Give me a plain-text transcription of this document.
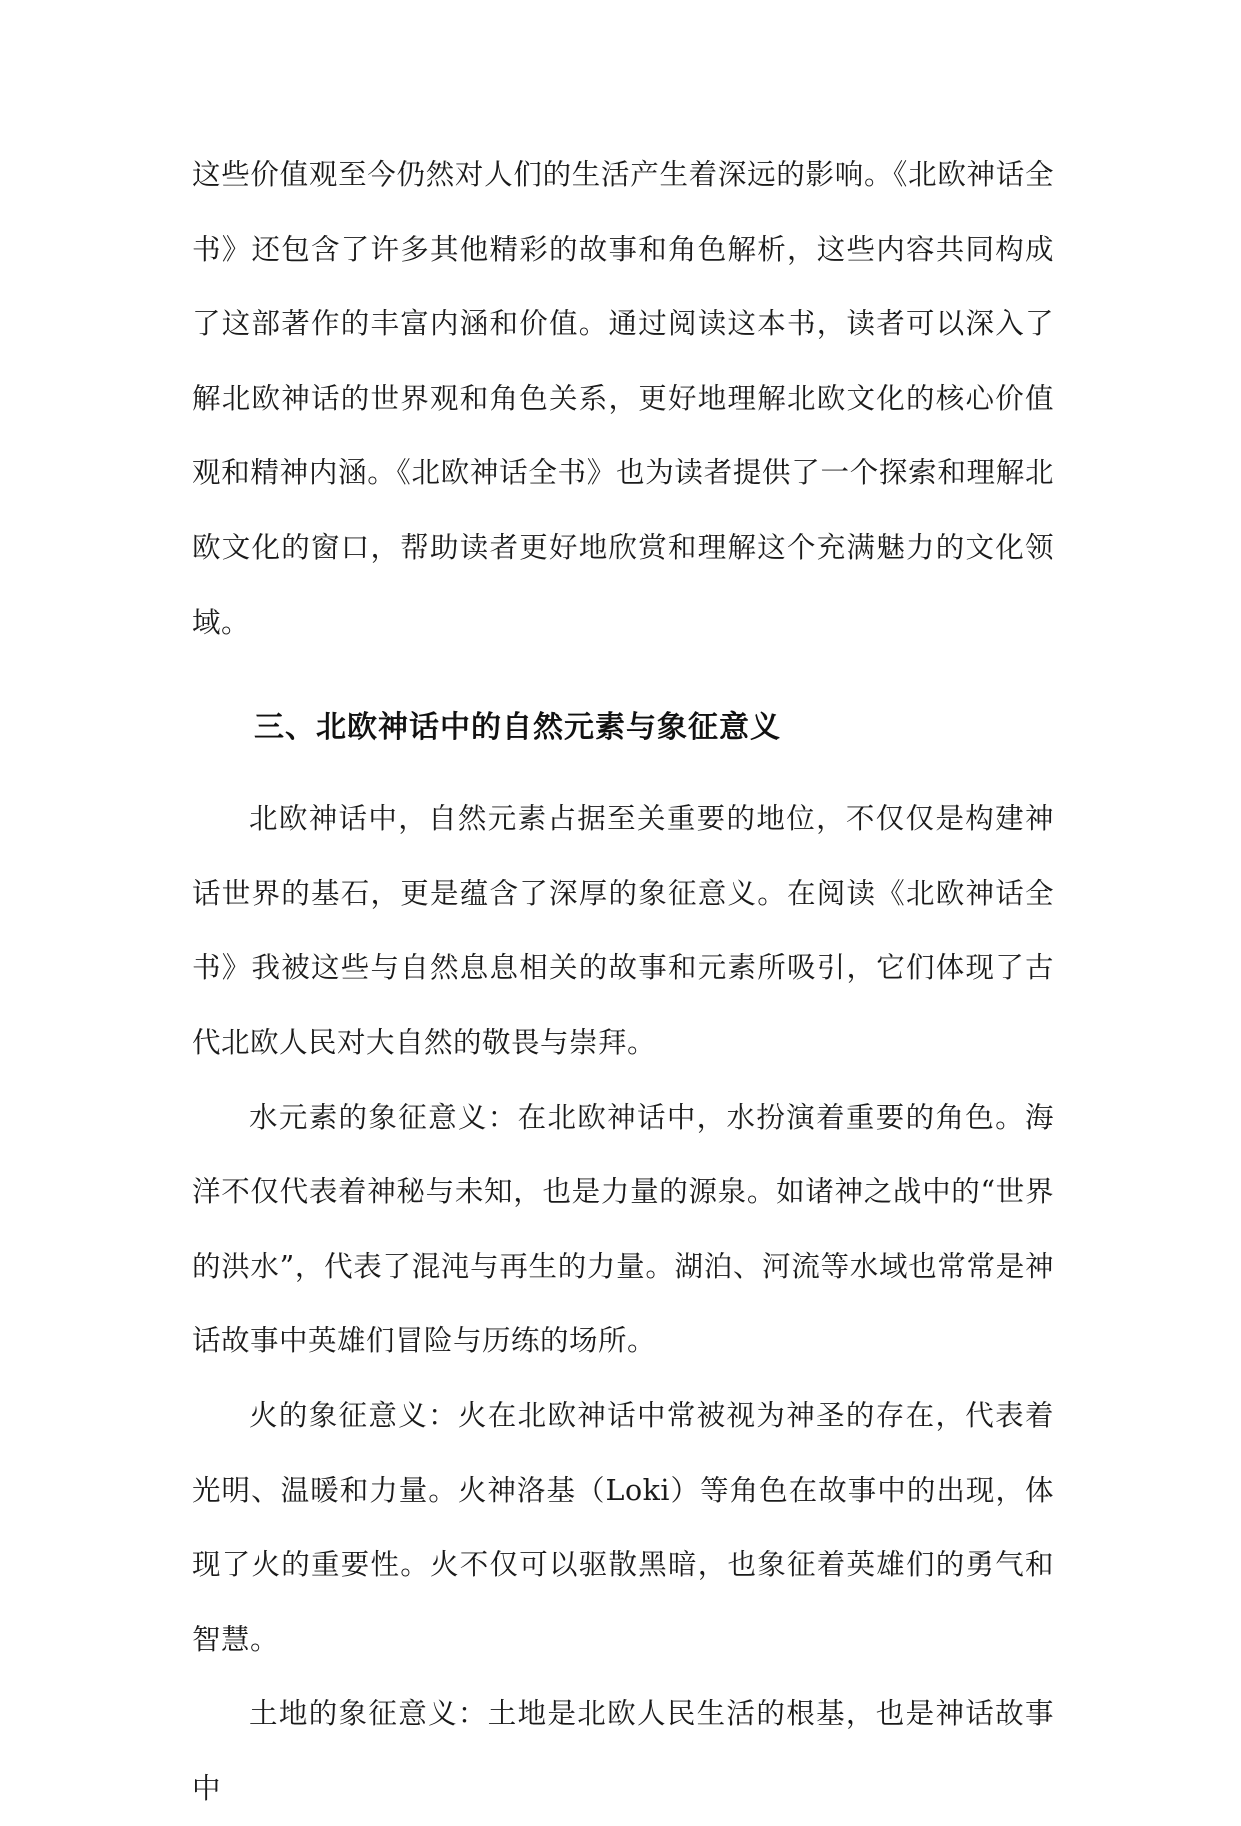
这些价值观至今仍然对人们的生活产生着深远的影响。《北欧神话全书》还包含了许多其他精彩的故事和角色解析，这些内容共同构成了这部著作的丰富内涵和价值。通过阅读这本书，读者可以深入了解北欧神话的世界观和角色关系，更好地理解北欧文化的核心价值观和精神内涵。《北欧神话全书》也为读者提供了一个探索和理解北欧文化的窗口，帮助读者更好地欣赏和理解这个充满魅力的文化领域。

三、北欧神话中的自然元素与象征意义

北欧神话中，自然元素占据至关重要的地位，不仅仅是构建神话世界的基石，更是蕴含了深厚的象征意义。在阅读《北欧神话全书》我被这些与自然息息相关的故事和元素所吸引，它们体现了古代北欧人民对大自然的敬畏与崇拜。

水元素的象征意义：在北欧神话中，水扮演着重要的角色。海洋不仅代表着神秘与未知，也是力量的源泉。如诸神之战中的“世界的洪水”，代表了混沌与再生的力量。湖泊、河流等水域也常常是神话故事中英雄们冒险与历练的场所。

火的象征意义：火在北欧神话中常被视为神圣的存在，代表着光明、温暖和力量。火神洛基（Loki）等角色在故事中的出现，体现了火的重要性。火不仅可以驱散黑暗，也象征着英雄们的勇气和智慧。

土地的象征意义：土地是北欧人民生活的根基，也是神话故事中
